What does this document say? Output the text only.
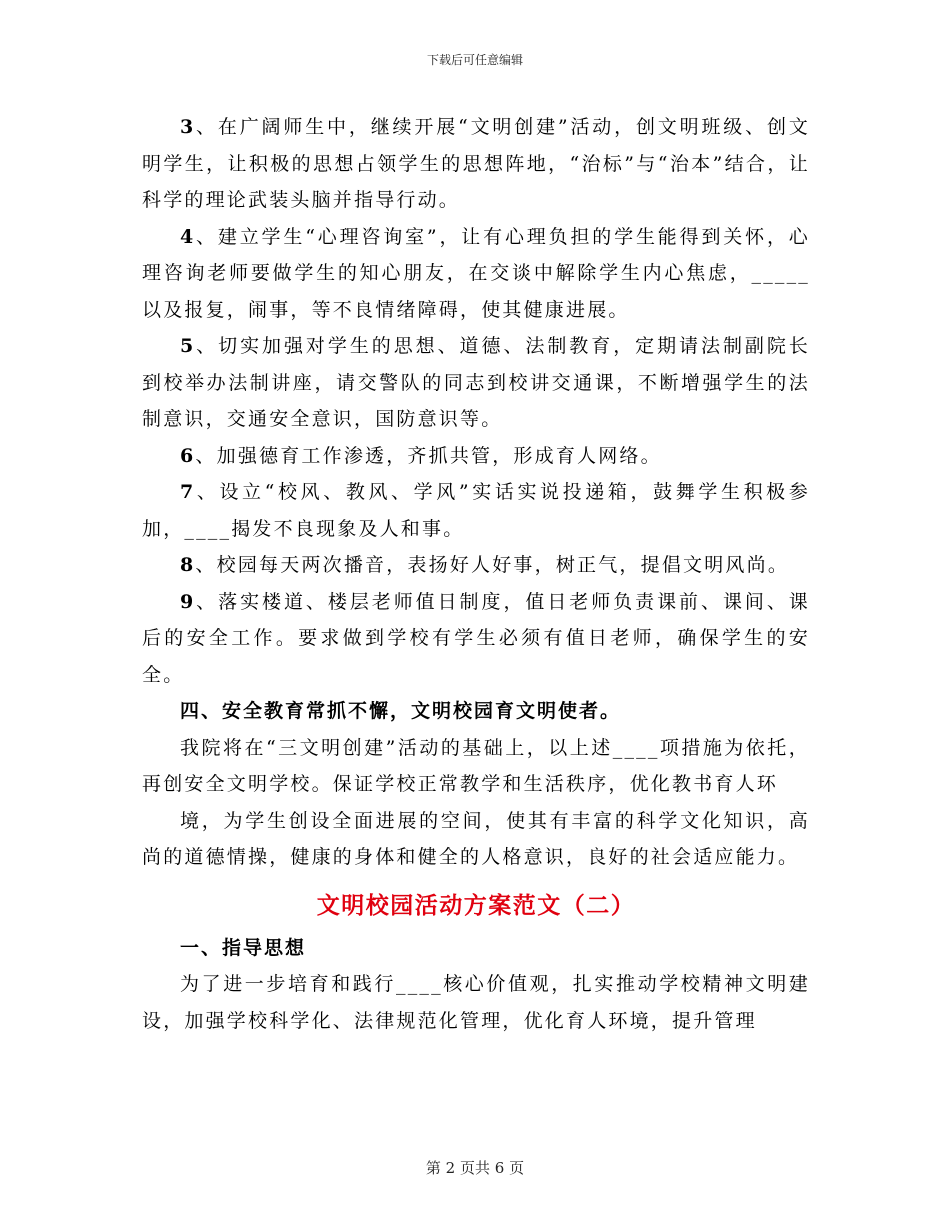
下载后可任意编辑

3、在广阔师生中，继续开展“文明创建”活动，创文明班级、创文明学生，让积极的思想占领学生的思想阵地，“治标”与“治本”结合，让科学的理论武装头脑并指导行动。

4、建立学生“心理咨询室”，让有心理负担的学生能得到关怀，心理咨询老师要做学生的知心朋友，在交谈中解除学生内心焦虑，_____以及报复，闹事，等不良情绪障碍，使其健康进展。

5、切实加强对学生的思想、道德、法制教育，定期请法制副院长到校举办法制讲座，请交警队的同志到校讲交通课，不断增强学生的法制意识，交通安全意识，国防意识等。

6、加强德育工作渗透，齐抓共管，形成育人网络。

7、设立“校风、教风、学风”实话实说投递箱，鼓舞学生积极参加，____揭发不良现象及人和事。

8、校园每天两次播音，表扬好人好事，树正气，提倡文明风尚。

9、落实楼道、楼层老师值日制度，值日老师负责课前、课间、课后的安全工作。要求做到学校有学生必须有值日老师，确保学生的安全。

四、安全教育常抓不懈，文明校园育文明使者。

我院将在“三文明创建”活动的基础上，以上述____项措施为依托，再创安全文明学校。保证学校正常教学和生活秩序，优化教书育人环

境，为学生创设全面进展的空间，使其有丰富的科学文化知识，高尚的道德情操，健康的身体和健全的人格意识，良好的社会适应能力。

文明校园活动方案范文（二）

一、指导思想

为了进一步培育和践行____核心价值观，扎实推动学校精神文明建设，加强学校科学化、法律规范化管理，优化育人环境，提升管理

第 2 页共 6 页
